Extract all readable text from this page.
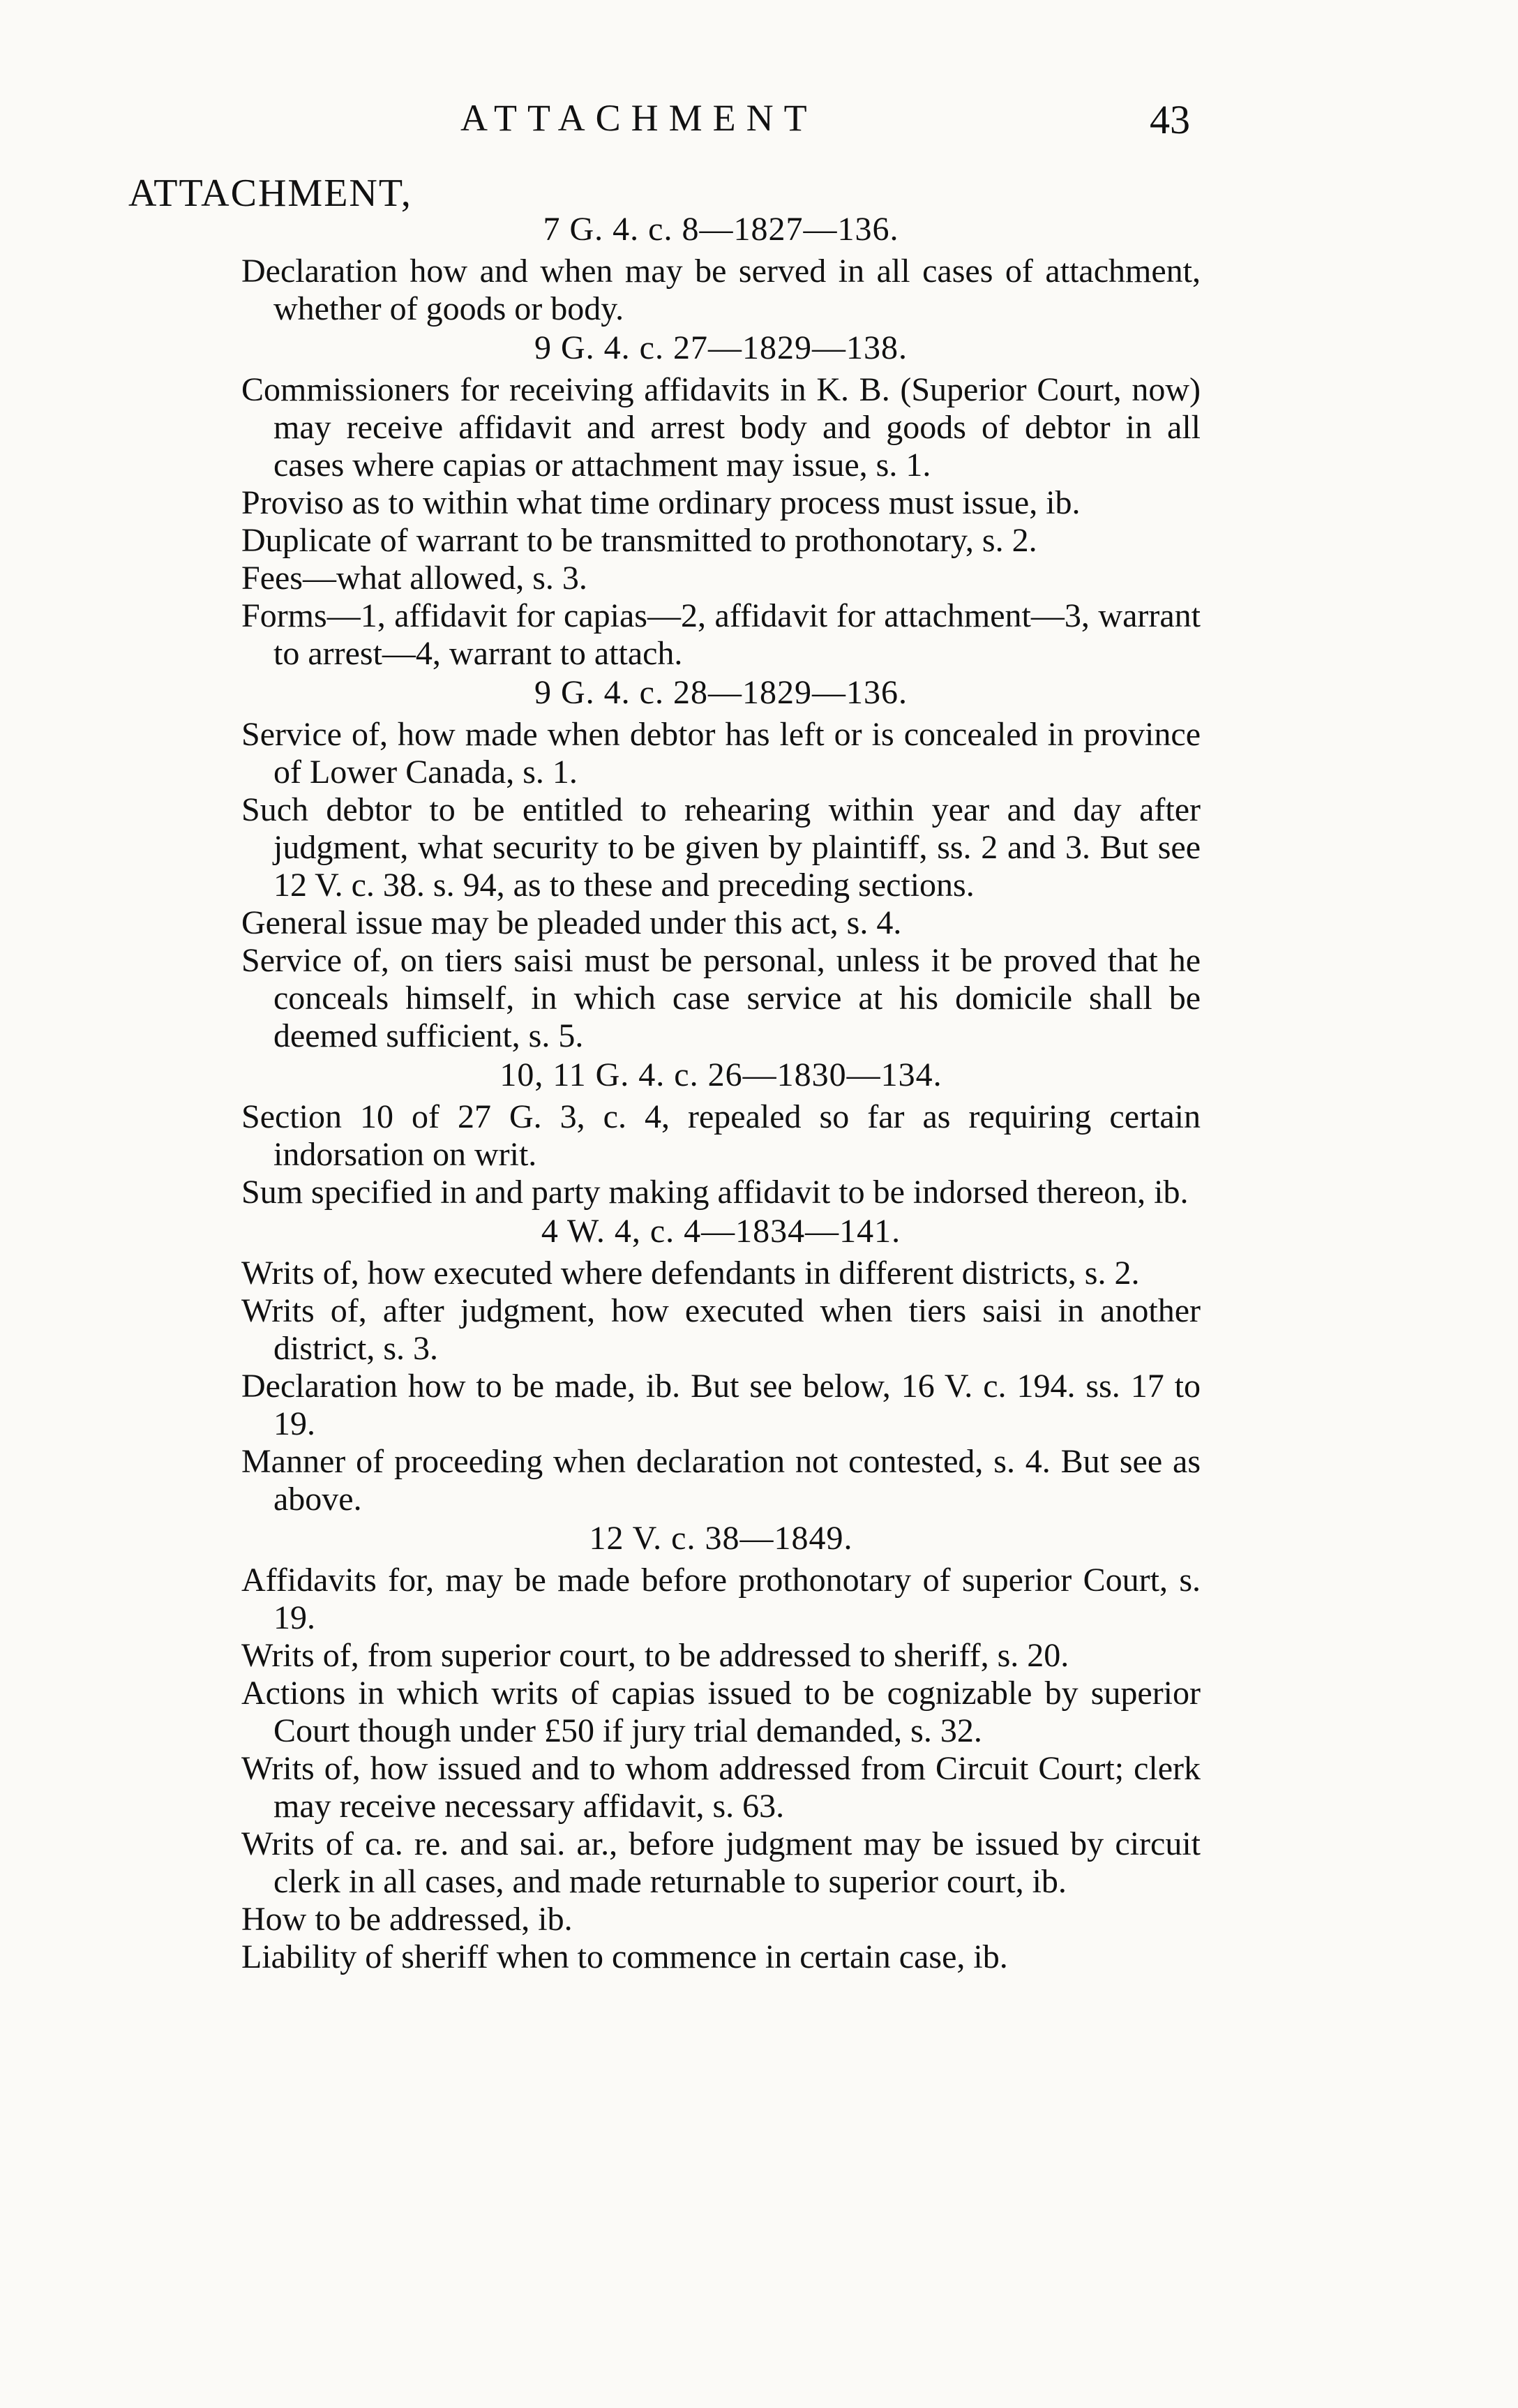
ATTACHMENT	43
ATTACHMENT,
7 G. 4. c. 8—1827—136.

Declaration how and when may be served in all cases of attachment, whether of goods or body.

9 G. 4. c. 27—1829—138.

Commissioners for receiving affidavits in K. B. (Superior Court, now) may receive affidavit and arrest body and goods of debtor in all cases where capias or attachment may issue, s. 1.

Proviso as to within what time ordinary process must issue, ib.

Duplicate of warrant to be transmitted to prothonotary, s. 2.

Fees—what allowed, s. 3.

Forms—1, affidavit for capias—2, affidavit for attachment—3, warrant to arrest—4, warrant to attach.

9 G. 4. c. 28—1829—136.

Service of, how made when debtor has left or is concealed in province of Lower Canada, s. 1.

Such debtor to be entitled to rehearing within year and day after judgment, what security to be given by plaintiff, ss. 2 and 3. But see 12 V. c. 38. s. 94, as to these and preceding sections.

General issue may be pleaded under this act, s. 4.

Service of, on tiers saisi must be personal, unless it be proved that he conceals himself, in which case service at his domicile shall be deemed sufficient, s. 5.

10, 11 G. 4. c. 26—1830—134.

Section 10 of 27 G. 3, c. 4, repealed so far as requiring certain indorsation on writ.

Sum specified in and party making affidavit to be indorsed thereon, ib.

4 W. 4, c. 4—1834—141.

Writs of, how executed where defendants in different districts, s. 2.

Writs of, after judgment, how executed when tiers saisi in another district, s. 3.

Declaration how to be made, ib. But see below, 16 V. c. 194. ss. 17 to 19.

Manner of proceeding when declaration not contested, s. 4. But see as above.

12 V. c. 38—1849.

Affidavits for, may be made before prothonotary of superior Court, s. 19.

Writs of, from superior court, to be addressed to sheriff, s. 20.

Actions in which writs of capias issued to be cognizable by superior Court though under £50 if jury trial demanded, s. 32.

Writs of, how issued and to whom addressed from Circuit Court; clerk may receive necessary affidavit, s. 63.

Writs of ca. re. and sai. ar., before judgment may be issued by circuit clerk in all cases, and made returnable to superior court, ib.

How to be addressed, ib.

Liability of sheriff when to commence in certain case, ib.
